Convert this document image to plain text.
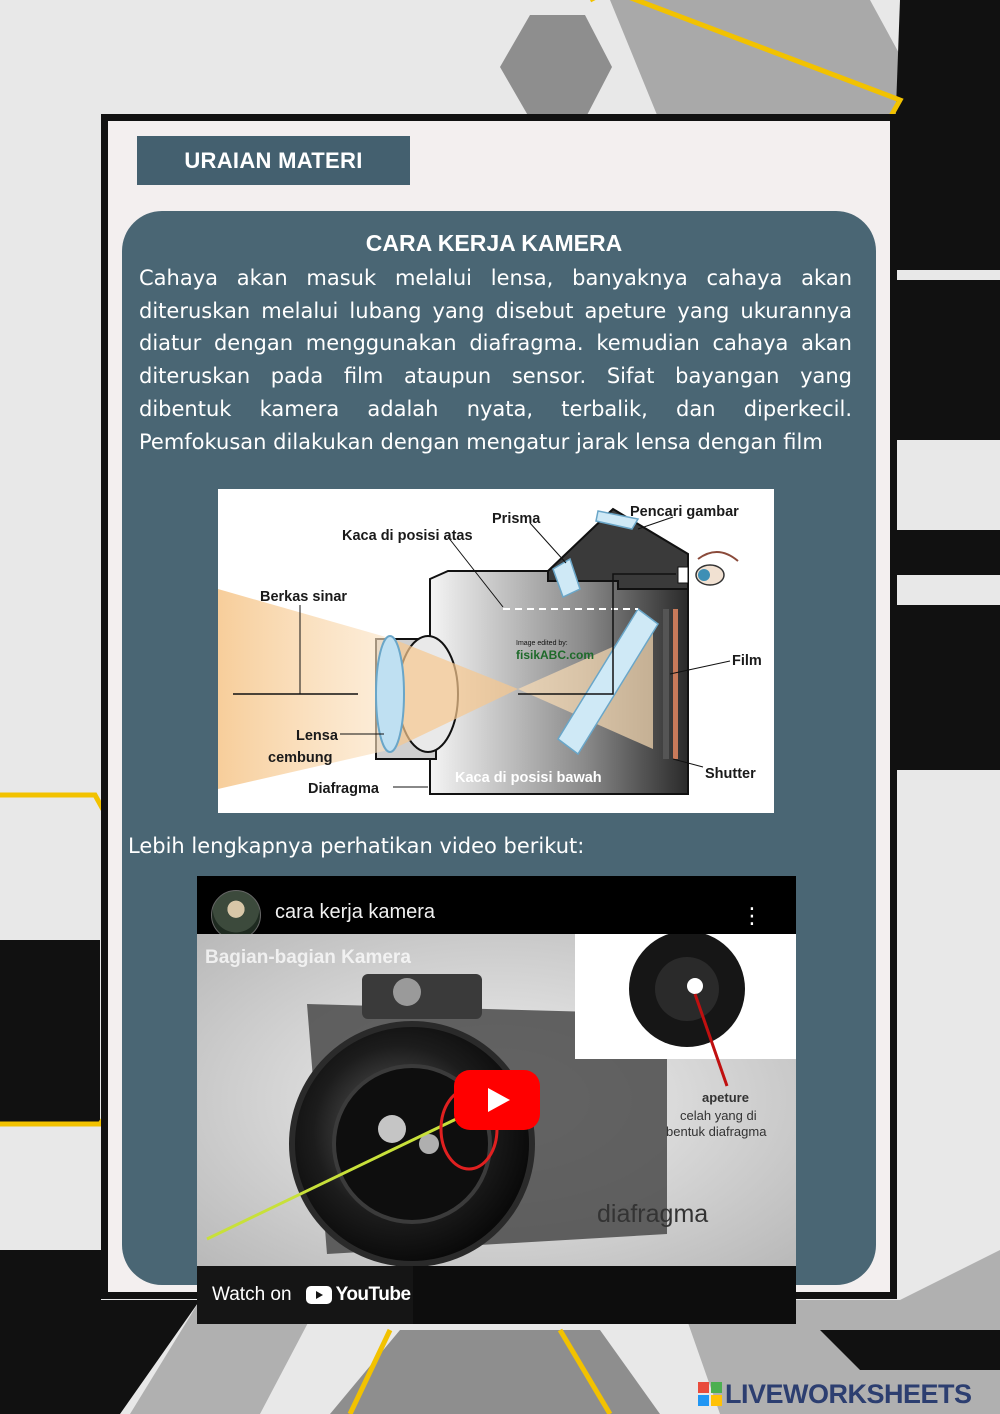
URAIAN MATERI
CARA KERJA KAMERA

Cahaya akan masuk melalui lensa, banyaknya cahaya akan diteruskan melalui lubang yang disebut apeture yang ukurannya diatur dengan menggunakan diafragma. kemudian cahaya akan diteruskan pada film ataupun sensor. Sifat bayangan yang dibentuk kamera adalah nyata, terbalik, dan diperkecil. Pemfokusan dilakukan dengan mengatur jarak lensa dengan film

Prisma	Pencari gambar
Kaca di posisi atas
Berkas sinar
Film
Lensa
cembung
Diafragma
Kaca di posisi bawah	Shutter
Image edited by:
fisikABC.com

Lebih lengkapnya perhatikan video berikut:

cara kerja kamera	⋮
Bagian-bagian Kamera
apeture
celah yang di
bentuk diafragma
diafragma
Watch on YouTube
LIVEWORKSHEETS
